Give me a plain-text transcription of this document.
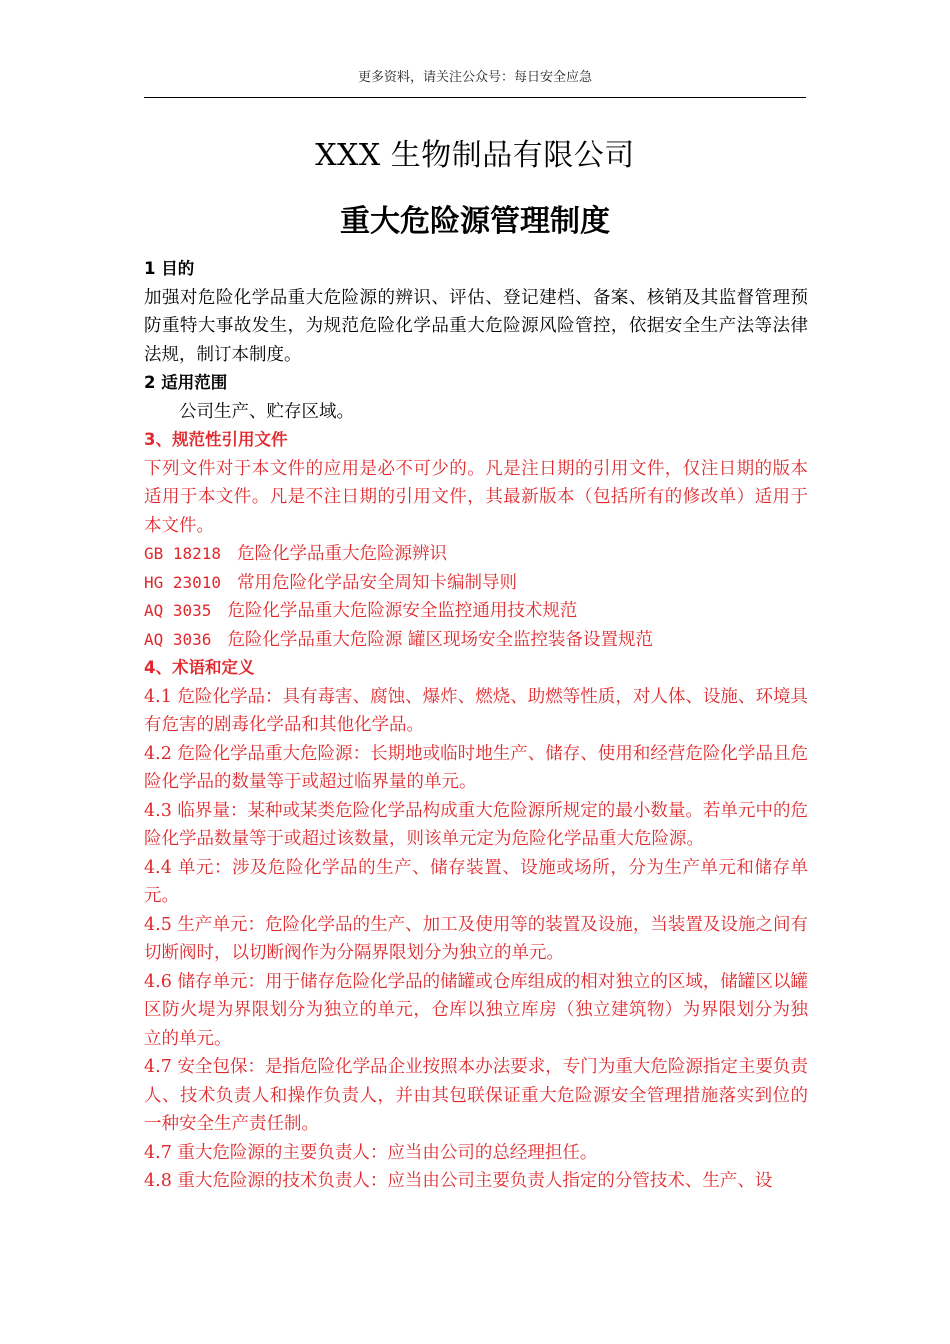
更多资料，请关注公众号：每日安全应急
XXX 生物制品有限公司
重大危险源管理制度

1 目的

加强对危险化学品重大危险源的辨识、评估、登记建档、备案、核销及其监督管理预防重特大事故发生，为规范危险化学品重大危险源风险管控，依据安全生产法等法律法规，制订本制度。

2 适用范围

公司生产、贮存区域。

3、规范性引用文件

下列文件对于本文件的应用是必不可少的。凡是注日期的引用文件，仅注日期的版本适用于本文件。凡是不注日期的引用文件，其最新版本（包括所有的修改单）适用于本文件。

GB 18218 危险化学品重大危险源辨识

HG 23010 常用危险化学品安全周知卡编制导则

AQ 3035 危险化学品重大危险源安全监控通用技术规范

AQ 3036 危险化学品重大危险源 罐区现场安全监控装备设置规范

4、术语和定义

4.1 危险化学品：具有毒害、腐蚀、爆炸、燃烧、助燃等性质，对人体、设施、环境具有危害的剧毒化学品和其他化学品。

4.2 危险化学品重大危险源：长期地或临时地生产、储存、使用和经营危险化学品且危险化学品的数量等于或超过临界量的单元。

4.3 临界量：某种或某类危险化学品构成重大危险源所规定的最小数量。若单元中的危险化学品数量等于或超过该数量，则该单元定为危险化学品重大危险源。

4.4 单元：涉及危险化学品的生产、储存装置、设施或场所，分为生产单元和储存单元。

4.5 生产单元：危险化学品的生产、加工及使用等的装置及设施，当装置及设施之间有切断阀时，以切断阀作为分隔界限划分为独立的单元。

4.6 储存单元：用于储存危险化学品的储罐或仓库组成的相对独立的区域，储罐区以罐区防火堤为界限划分为独立的单元，仓库以独立库房（独立建筑物）为界限划分为独立的单元。

4.7 安全包保：是指危险化学品企业按照本办法要求，专门为重大危险源指定主要负责人、技术负责人和操作负责人，并由其包联保证重大危险源安全管理措施落实到位的一种安全生产责任制。

4.7 重大危险源的主要负责人：应当由公司的总经理担任。

4.8 重大危险源的技术负责人：应当由公司主要负责人指定的分管技术、生产、设
